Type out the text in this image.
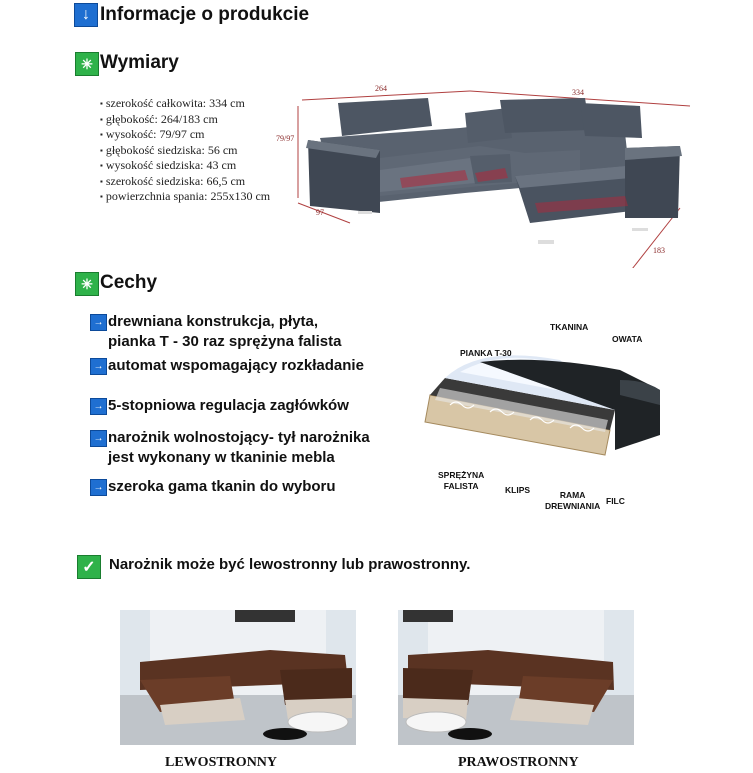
↓ Informacje o produkcie
✳ Wymiary
▪ szerokość całkowita: 334 cm
▪ głębokość: 264/183 cm
▪ wysokość: 79/97 cm
▪ głębokość siedziska: 56 cm
▪ wysokość siedziska: 43 cm
▪ szerokość siedziska: 66,5 cm
▪ powierzchnia spania: 255x130 cm
264	334
79/97
97
183
✳ Cechy
→ drewniana konstrukcja, płyta,
pianka T - 30 raz sprężyna falista
→ automat wspomagający rozkładanie
→ 5-stopniowa regulacja zagłówków
→ narożnik wolnostojący- tył narożnika
jest wykonany w tkaninie mebla
→ szeroka gama tkanin do wyboru
TKANINA
OWATA
PIANKA T-30
SPRĘŻYNA
FALISTA	KLIPS	RAMA
DREWNIANIA FILC
✓ Narożnik może być lewostronny lub prawostronny.
LEWOSTRONNY	PRAWOSTRONNY
